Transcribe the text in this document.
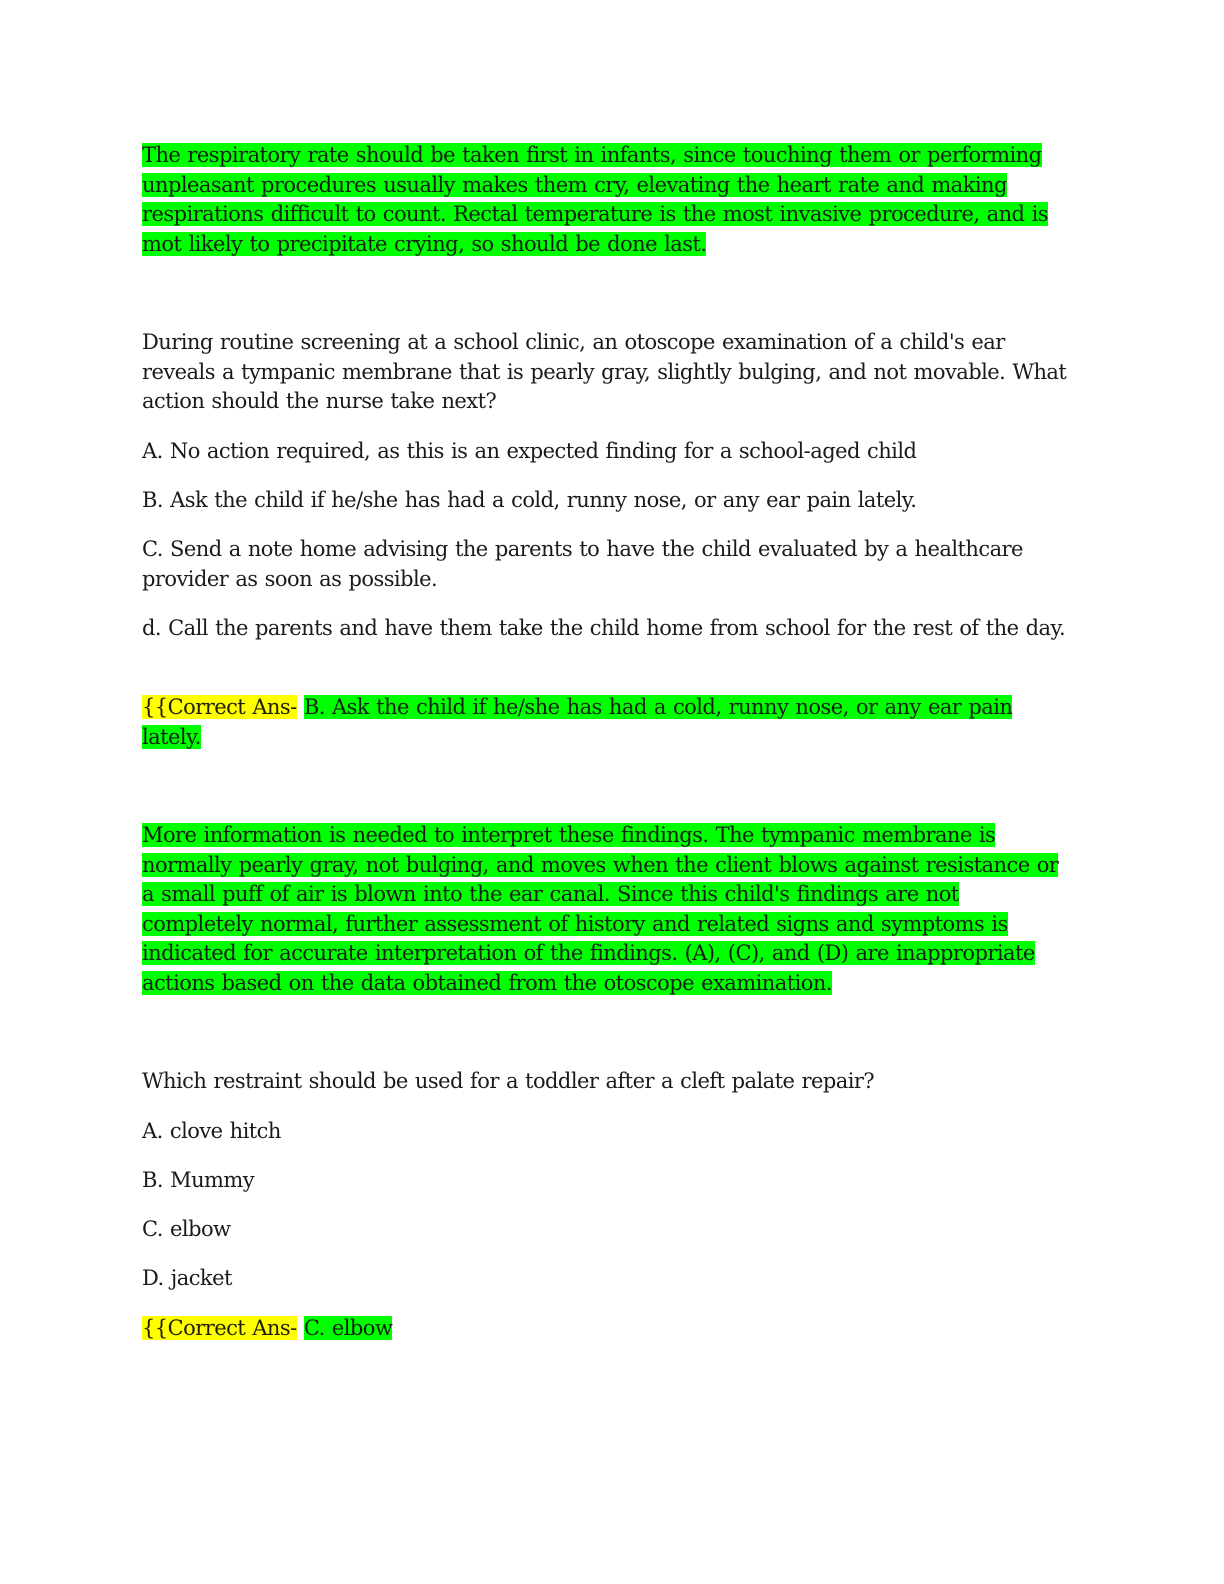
The respiratory rate should be taken first in infants, since touching them or performing unpleasant procedures usually makes them cry, elevating the heart rate and making respirations difficult to count. Rectal temperature is the most invasive procedure, and is mot likely to precipitate crying, so should be done last.

During routine screening at a school clinic, an otoscope examination of a child's ear reveals a tympanic membrane that is pearly gray, slightly bulging, and not movable. What action should the nurse take next?

A. No action required, as this is an expected finding for a school-aged child

B. Ask the child if he/she has had a cold, runny nose, or any ear pain lately.

C. Send a note home advising the parents to have the child evaluated by a healthcare provider as soon as possible.

d. Call the parents and have them take the child home from school for the rest of the day.

{{Correct Ans- B. Ask the child if he/she has had a cold, runny nose, or any ear pain lately.

More information is needed to interpret these findings. The tympanic membrane is normally pearly gray, not bulging, and moves when the client blows against resistance or a small puff of air is blown into the ear canal. Since this child's findings are not completely normal, further assessment of history and related signs and symptoms is indicated for accurate interpretation of the findings. (A), (C), and (D) are inappropriate actions based on the data obtained from the otoscope examination.

Which restraint should be used for a toddler after a cleft palate repair?

A. clove hitch

B. Mummy

C. elbow

D. jacket

{{Correct Ans- C. elbow
